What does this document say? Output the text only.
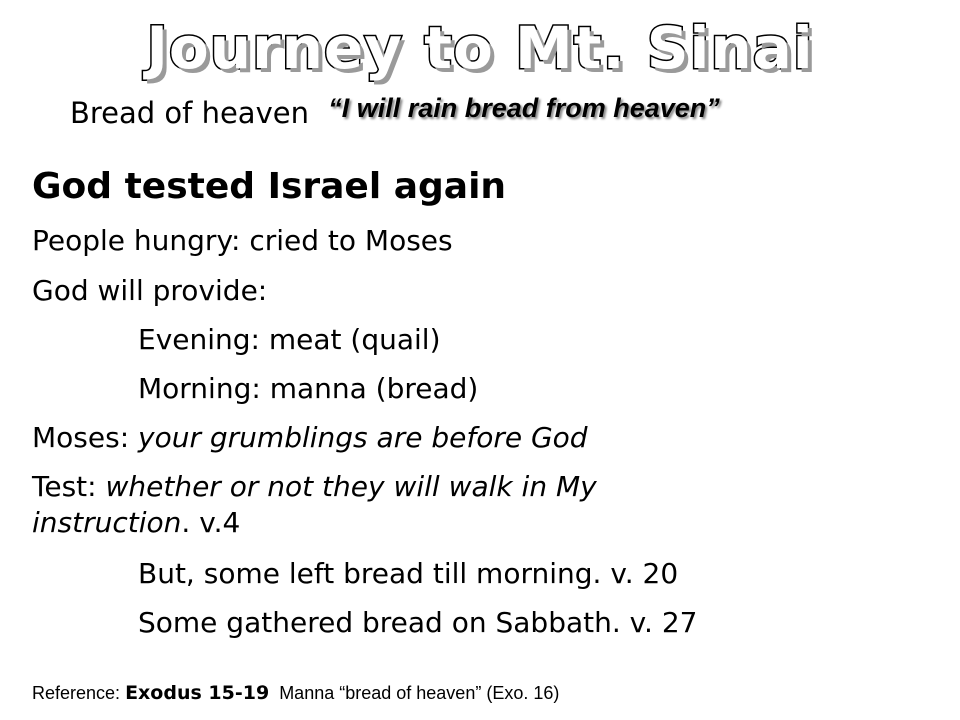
Journey to Mt. Sinai
Bread of heaven “I will rain bread from heaven”
God tested Israel again
People hungry: cried to Moses
God will provide:
Evening: meat (quail)
Morning: manna (bread)
Moses: your grumblings are before God
Test: whether or not they will walk in My
instruction. v.4
But, some left bread till morning. v. 20
Some gathered bread on Sabbath. v. 27
Reference: Exodus 15-19 Manna “bread of heaven” (Exo. 16)
